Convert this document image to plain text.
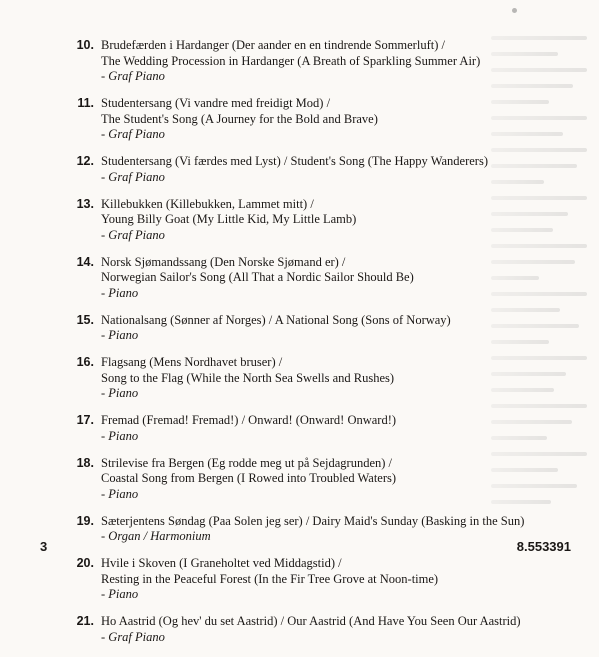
10. Brudefærden i Hardanger (Der aander en en tindrende Sommerluft) /
The Wedding Procession in Hardanger (A Breath of Sparkling Summer Air)
- Graf Piano
11. Studentersang (Vi vandre med freidigt Mod) /
The Student's Song (A Journey for the Bold and Brave)
- Graf Piano
12. Studentersang (Vi færdes med Lyst) / Student's Song (The Happy Wanderers)
- Graf Piano
13. Killebukken (Killebukken, Lammet mitt) /
Young Billy Goat (My Little Kid, My Little Lamb)
- Graf Piano
14. Norsk Sjømandssang (Den Norske Sjømand er) /
Norwegian Sailor's Song (All That a Nordic Sailor Should Be)
- Piano
15. Nationalsang (Sønner af Norges) / A National Song (Sons of Norway)
- Piano
16. Flagsang (Mens Nordhavet bruser) /
Song to the Flag (While the North Sea Swells and Rushes)
- Piano
17. Fremad (Fremad! Fremad!) / Onward! (Onward! Onward!)
- Piano
18. Strilevise fra Bergen (Eg rodde meg ut på Sejdagrunden) /
Coastal Song from Bergen (I Rowed into Troubled Waters)
- Piano
19. Sæterjentens Søndag (Paa Solen jeg ser) / Dairy Maid's Sunday (Basking in the Sun)
- Organ / Harmonium
20. Hvile i Skoven (I Graneholtet ved Middagstid) /
Resting in the Peaceful Forest (In the Fir Tree Grove at Noon-time)
- Piano
21. Ho Aastrid (Og hev' du set Aastrid) / Our Aastrid (And Have You Seen Our Aastrid)
- Graf Piano
3	8.553391
